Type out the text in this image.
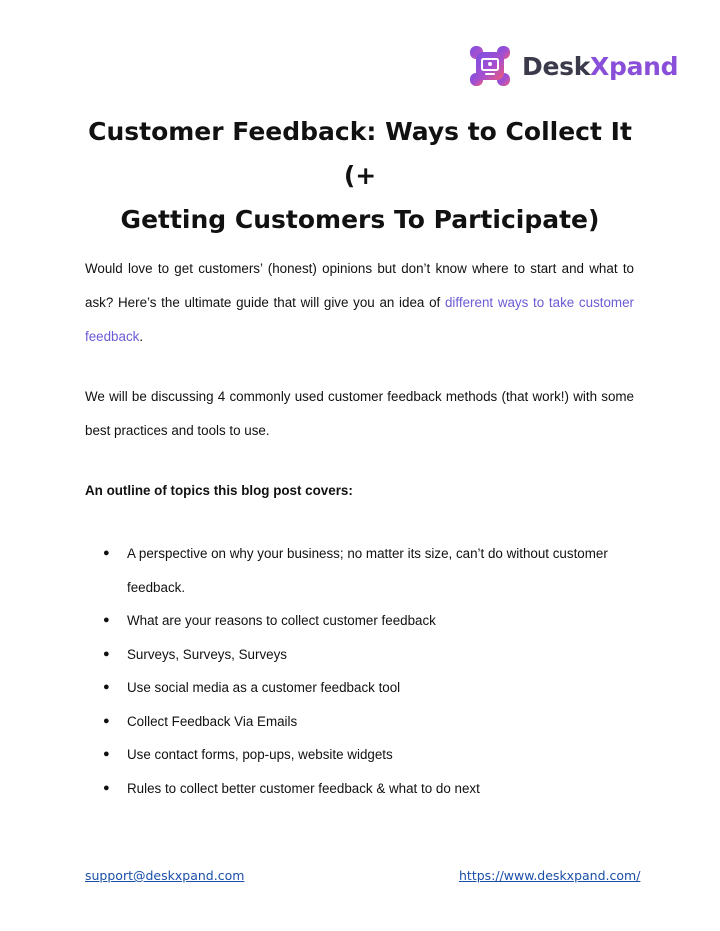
DeskXpand
Customer Feedback: Ways to Collect It (+
Getting Customers To Participate)

Would love to get customers’ (honest) opinions but don’t know where to start and what to ask? Here’s the ultimate guide that will give you an idea of different ways to take customer feedback.

We will be discussing 4 commonly used customer feedback methods (that work!) with some best practices and tools to use.

An outline of topics this blog post covers:

● A perspective on why your business; no matter its size, can’t do without customer feedback.
● What are your reasons to collect customer feedback
● Surveys, Surveys, Surveys
● Use social media as a customer feedback tool
● Collect Feedback Via Emails
● Use contact forms, pop-ups, website widgets
● Rules to collect better customer feedback & what to do next
support@deskxpand.com	https://www.deskxpand.com/
